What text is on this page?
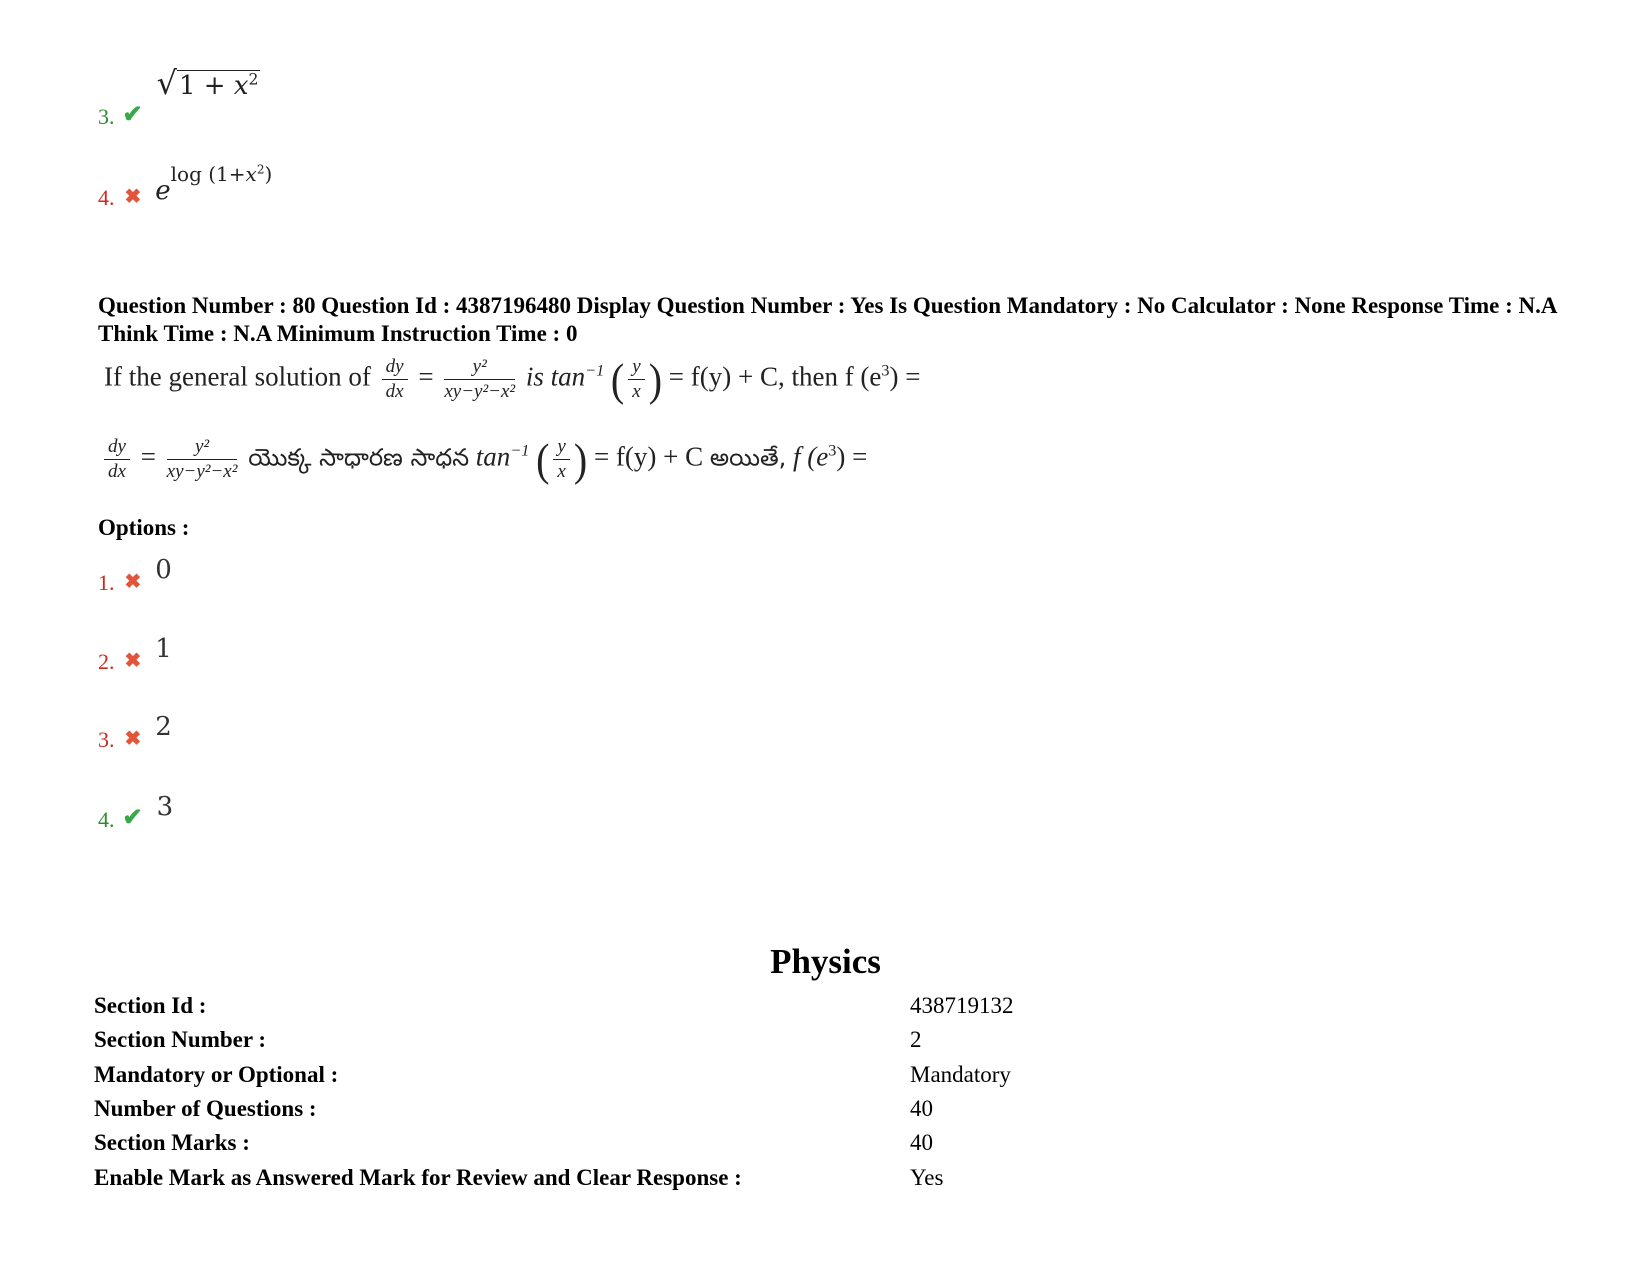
3. ✔ $√1 + x^2$
4. ✖ elog $(1+x^2)$
Question Number : 80 Question Id : 4387196480 Display Question Number : Yes Is Question Mandatory : No Calculator : None Response Time : N.A Think Time : N.A Minimum Instruction Time : 0
If the general solution of $\frac{dy}{dx} = \frac{\text{y²}}{\text{xy−y²−x²}}$ is $\tan^{-1}$ ( $\frac{y}{x}$ ) = f(y) + C, then f $(e^3)$ =
$\frac{dy}{dx} = \frac{\text{y²}}{\text{xy−y²−x²}}$ యొక్క సాధారణ సాధన $\tan^{-1}$ ( $\frac{y}{x}$ ) = f(y) + C అయితే, f $(e^3)$ =
Options :
1. ✖ 0
2. ✖ 1
3. ✖ 2
4. ✔ 3
Physics
Section Id :	438719132
Section Number :	2
Mandatory or Optional :	Mandatory
Number of Questions :	40
Section Marks :	40
Enable Mark as Answered Mark for Review and Clear Response :	Yes
